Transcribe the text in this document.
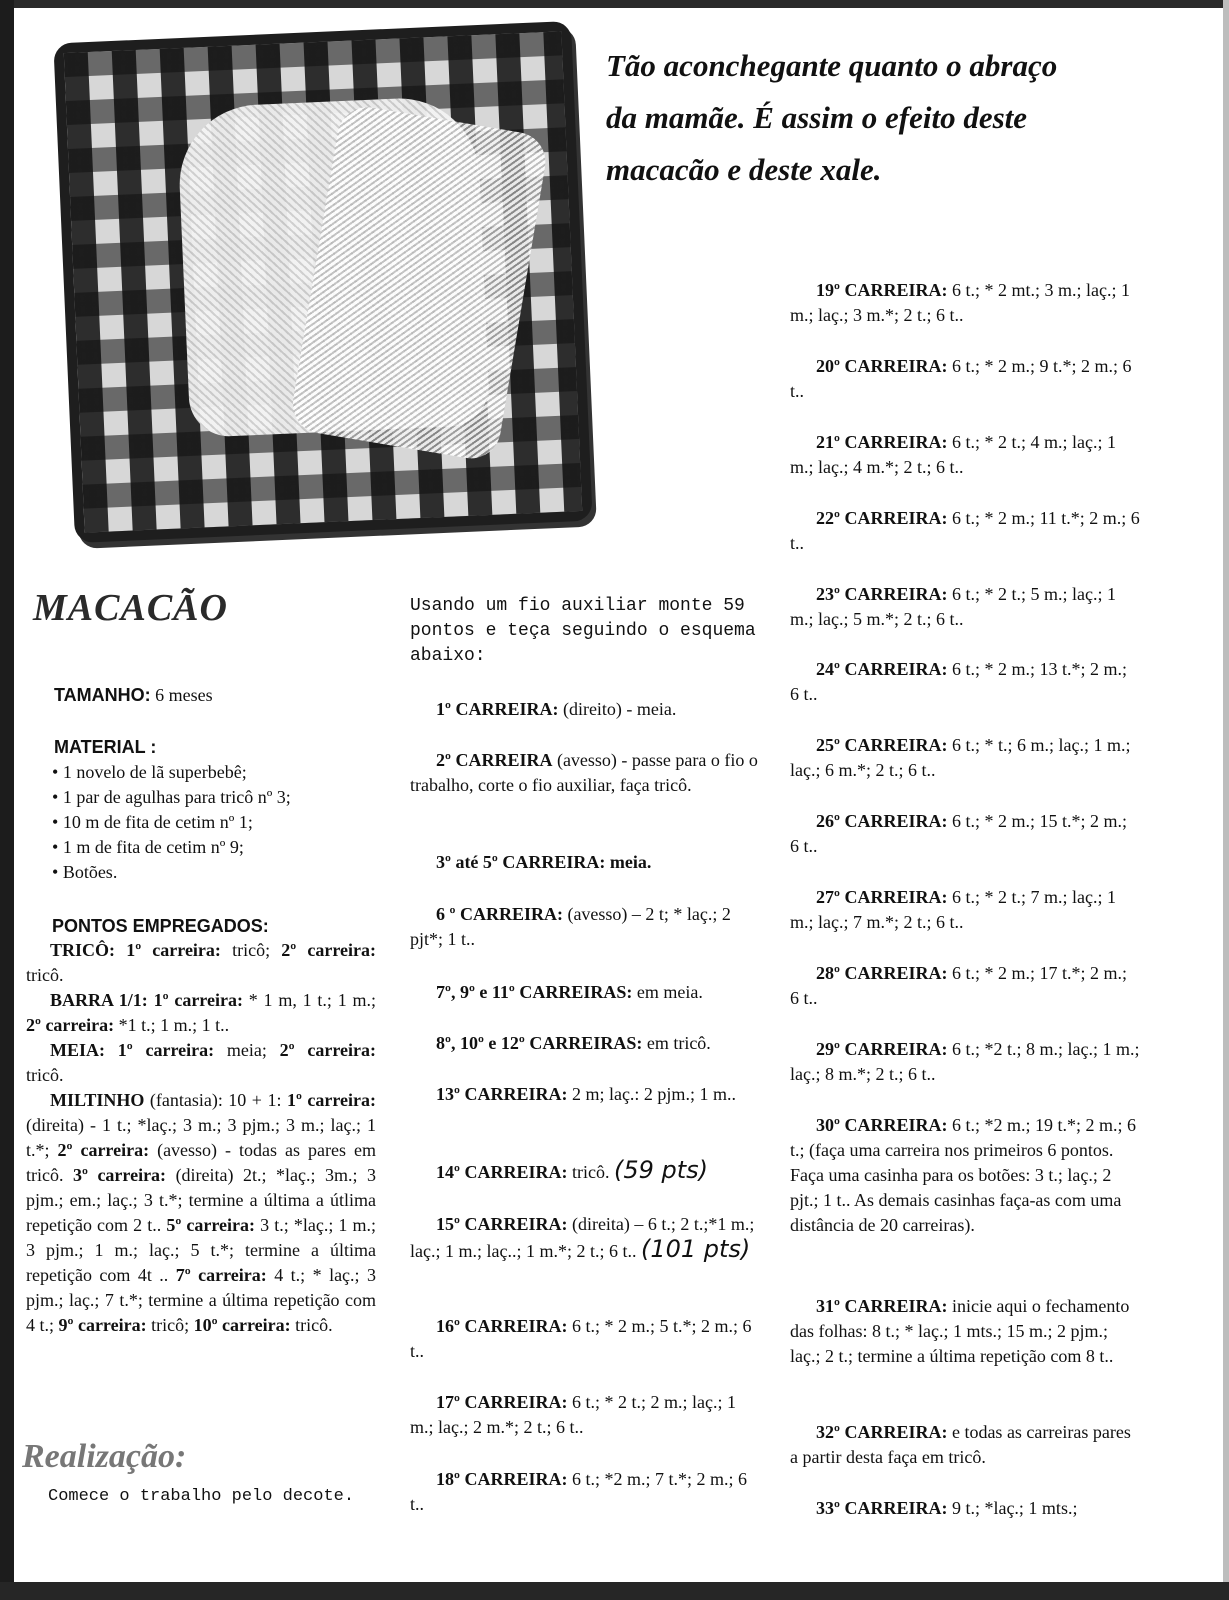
Tão aconchegante quanto o abraço
da mamãe. É assim o efeito deste
macacão e deste xale.
MACACÃO

TAMANHO: 6 meses

MATERIAL :

• 1 novelo de lã superbebê;
• 1 par de agulhas para tricô nº 3;
• 10 m de fita de cetim nº 1;
• 1 m de fita de cetim nº 9;
• Botões.

PONTOS EMPREGADOS:

TRICÔ: 1º carreira: tricô; 2º carreira: tricô.

BARRA 1/1: 1º carreira: * 1 m, 1 t.; 1 m.; 2º carreira: *1 t.; 1 m.; 1 t..

MEIA: 1º carreira: meia; 2º carreira: tricô.

MILTINHO (fantasia): 10 + 1: 1º carreira: (direita) - 1 t.; *laç.; 3 m.; 3 pjm.; 3 m.; laç.; 1 t.*; 2º carreira: (avesso) - todas as pares em tricô. 3º carreira: (direita) 2t.; *laç.; 3m.; 3 pjm.; em.; laç.; 3 t.*; termine a última a útlima repetição com 2 t.. 5º carreira: 3 t.; *laç.; 1 m.; 3 pjm.; 1 m.; laç.; 5 t.*; termine a última repetição com 4t .. 7º carreira: 4 t.; * laç.; 3 pjm.; laç.; 7 t.*; termine a última repetição com 4 t.; 9º carreira: tricô; 10º carreira: tricô.

Realização:

Comece o trabalho pelo decote.

Usando um fio auxiliar monte 59 pontos e teça seguindo o esquema abaixo:

1º CARREIRA: (direito) - meia.

2º CARREIRA (avesso) - passe para o fio o trabalho, corte o fio auxiliar, faça tricô.

3º até 5º CARREIRA: meia.

6 º CARREIRA: (avesso) – 2 t; * laç.; 2 pjt*; 1 t..

7º, 9º e 11º CARREIRAS: em meia.

8º, 10º e 12º CARREIRAS: em tricô.

13º CARREIRA: 2 m; laç.: 2 pjm.; 1 m..

14º CARREIRA: tricô. (59 pts)

15º CARREIRA: (direita) – 6 t.; 2 t.;*1 m.; laç.; 1 m.; laç..; 1 m.*; 2 t.; 6 t.. (101 pts)

16º CARREIRA: 6 t.; * 2 m.; 5 t.*; 2 m.; 6 t..

17º CARREIRA: 6 t.; * 2 t.; 2 m.; laç.; 1 m.; laç.; 2 m.*; 2 t.; 6 t..

18º CARREIRA: 6 t.; *2 m.; 7 t.*; 2 m.; 6 t..

19º CARREIRA: 6 t.; * 2 mt.; 3 m.; laç.; 1 m.; laç.; 3 m.*; 2 t.; 6 t..

20º CARREIRA: 6 t.; * 2 m.; 9 t.*; 2 m.; 6 t..

21º CARREIRA: 6 t.; * 2 t.; 4 m.; laç.; 1 m.; laç.; 4 m.*; 2 t.; 6 t..

22º CARREIRA: 6 t.; * 2 m.; 11 t.*; 2 m.; 6 t..

23º CARREIRA: 6 t.; * 2 t.; 5 m.; laç.; 1 m.; laç.; 5 m.*; 2 t.; 6 t..

24º CARREIRA: 6 t.; * 2 m.; 13 t.*; 2 m.; 6 t..

25º CARREIRA: 6 t.; * t.; 6 m.; laç.; 1 m.; laç.; 6 m.*; 2 t.; 6 t..

26º CARREIRA: 6 t.; * 2 m.; 15 t.*; 2 m.; 6 t..

27º CARREIRA: 6 t.; * 2 t.; 7 m.; laç.; 1 m.; laç.; 7 m.*; 2 t.; 6 t..

28º CARREIRA: 6 t.; * 2 m.; 17 t.*; 2 m.; 6 t..

29º CARREIRA: 6 t.; *2 t.; 8 m.; laç.; 1 m.; laç.; 8 m.*; 2 t.; 6 t..

30º CARREIRA: 6 t.; *2 m.; 19 t.*; 2 m.; 6 t.; (faça uma carreira nos primeiros 6 pontos. Faça uma casinha para os botões: 3 t.; laç.; 2 pjt.; 1 t.. As demais casinhas faça-as com uma distância de 20 carreiras).

31º CARREIRA: inicie aqui o fechamento das folhas: 8 t.; * laç.; 1 mts.; 15 m.; 2 pjm.; laç.; 2 t.; termine a última repetição com 8 t..

32º CARREIRA: e todas as carreiras pares a partir desta faça em tricô.

33º CARREIRA: 9 t.; *laç.; 1 mts.;
